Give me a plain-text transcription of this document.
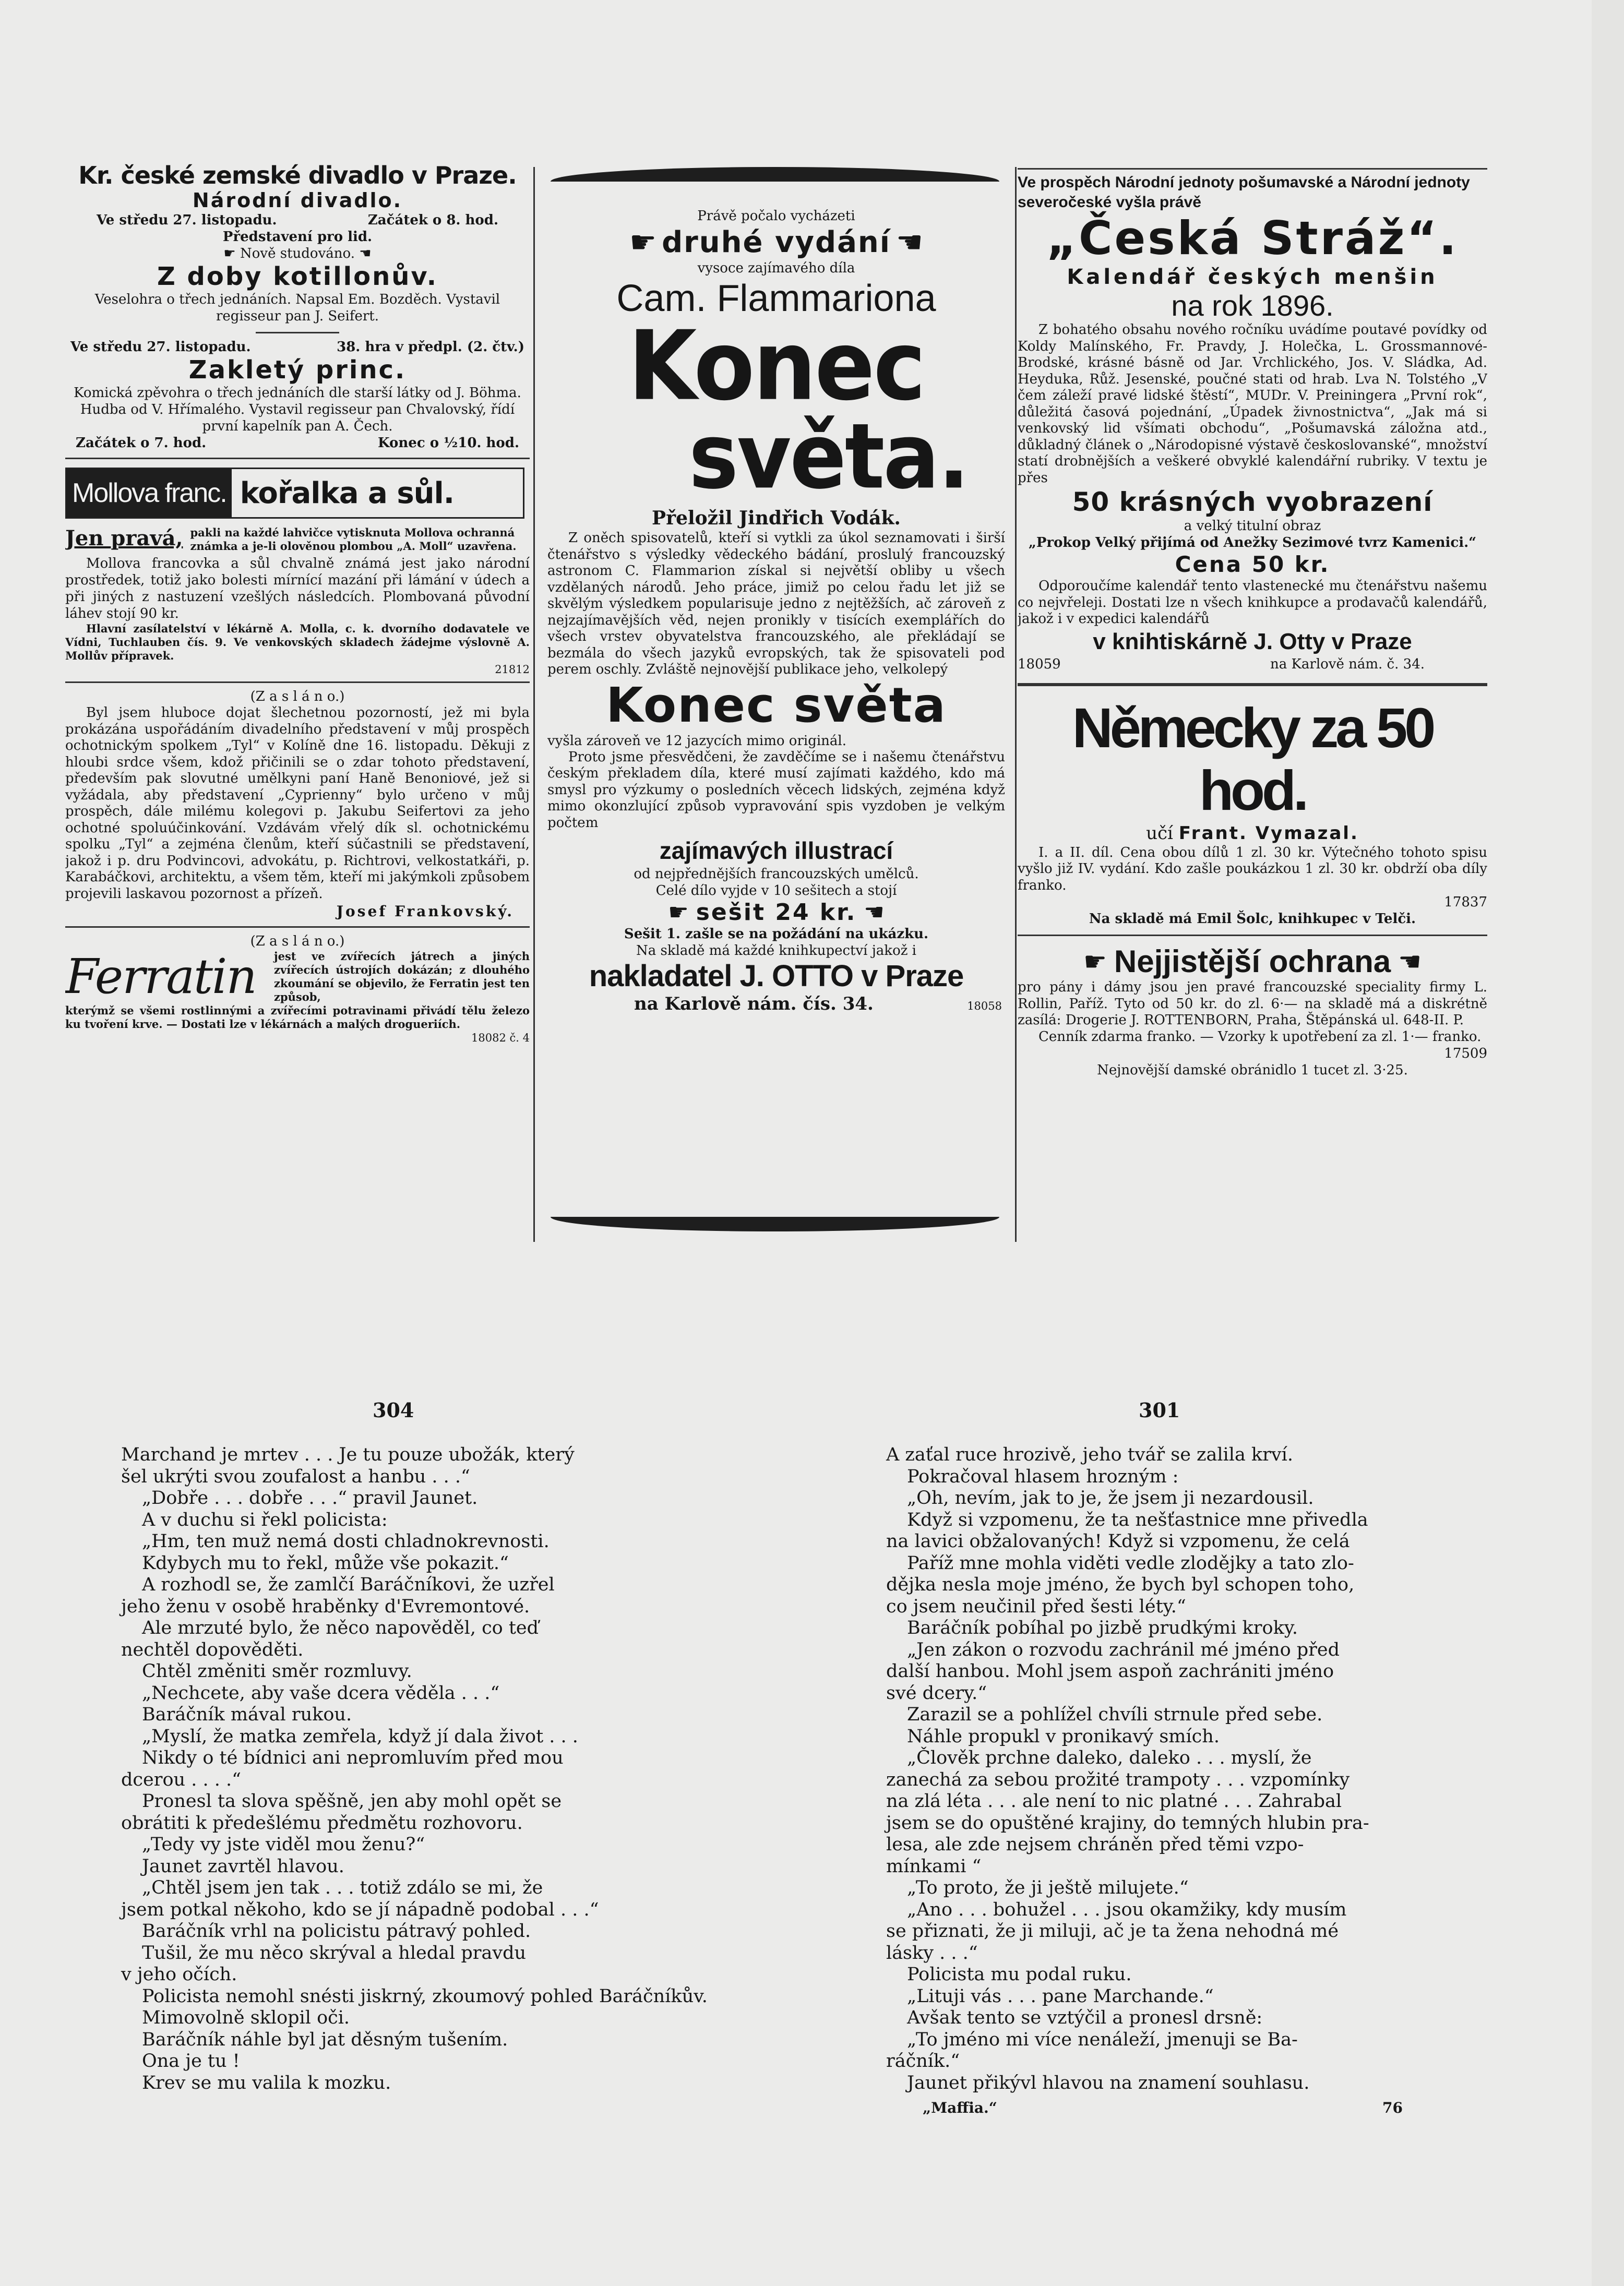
Kr. české zemské divadlo v Praze.
Národní divadlo.
Ve středu 27. listopadu.	Začátek o 8. hod.
Představení pro lid.
☛ Nově studováno. ☚
Z doby kotillonův.
Veselohra o třech jednáních. Napsal Em. Bozděch. Vystavil regisseur pan J. Seifert.
Ve středu 27. listopadu.	38. hra v předpl. (2. čtv.)
Zakletý princ.
Komická zpěvohra o třech jednáních dle starší látky od J. Böhma. Hudba od V. Hřímalého. Vystavil regisseur pan Chvalovský, řídí první kapelník pan A. Čech.
Začátek o 7. hod.	Konec o ½10. hod.
Mollova franc. kořalka a sůl.
Jen pravá, pakli na každé lahvičce vytisknuta Mollova ochranná známka a je-li olověnou plombou „A. Moll“ uzavřena.

Mollova francovka a sůl chvalně známá jest jako národní prostředek, totiž jako bolesti mírnící mazání při lámání v údech a při jiných z nastuzení vzešlých následcích. Plombovaná původní láhev stojí 90 kr.

Hlavní zasílatelství v lékárně A. Molla, c. k. dvorního dodavatele ve Vídni, Tuchlauben čís. 9. Ve venkovských skladech žádejme výslovně A. Mollův přípravek.

21812
(Z a s l á n o.)

Byl jsem hluboce dojat šlechetnou pozorností, jež mi byla prokázána uspořádáním divadelního představení v můj prospěch ochotnickým spolkem „Tyl“ v Kolíně dne 16. listopadu. Děkuji z hloubi srdce všem, kdož přičinili se o zdar tohoto představení, především pak slovutné umělkyni paní Haně Benoniové, jež si vyžádala, aby představení „Cyprienny“ bylo určeno v můj prospěch, dále milému kolegovi p. Jakubu Seifertovi za jeho ochotné spoluúčinkování. Vzdávám vřelý dík sl. ochotnickému spolku „Tyl“ a zejména členům, kteří súčastnili se představení, jakož i p. dru Podvincovi, advokátu, p. Richtrovi, velkostatkáři, p. Karabáčkovi, architektu, a všem těm, kteří mi jakýmkoli způsobem projevili laskavou pozornost a přízeň.

Josef Frankovský.
(Z a s l á n o.)
Ferratin	jest ve zvířecích játrech a jiných zvířecích ústrojích dokázán; z dlouhého zkoumání se objevilo, že Ferratin jest ten způsob,

kterýmž se všemi rostlinnými a zvířecími potravinami přivádí tělu železo ku tvoření krve. — Dostati lze v lékárnách a malých drogueriích.

18082 č. 4
Právě počalo vycházeti
☛ druhé vydání ☚
vysoce zajímavého díla
Cam. Flammariona
Konec
světa.
Přeložil Jindřich Vodák.

Z oněch spisovatelů, kteří si vytkli za úkol seznamovati i širší čtenářstvo s výsledky vědeckého bádání, proslulý francouzský astronom C. Flammarion získal si největší obliby u všech vzdělaných národů. Jeho práce, jimiž po celou řadu let již se skvělým výsledkem popularisuje jedno z nejtěžších, ač zároveň z nejzajímavějších věd, nejen pronikly v tisících exemplářích do všech vrstev obyvatelstva francouzského, ale překládají se bezmála do všech jazyků evropských, tak že spisovateli pod perem oschly. Zvláště nejnovější publikace jeho, velkolepý

Konec světa

vyšla zároveň ve 12 jazycích mimo originál.

Proto jsme přesvědčeni, že zavděčíme se i našemu čtenářstvu českým překladem díla, které musí zajímati každého, kdo má smysl pro výzkumy o posledních věcech lidských, zejména když mimo okonzlující způsob vypravování spis vyzdoben je velkým počtem

zajímavých illustrací
od nejpřednějších francouzských umělců.
Celé dílo vyjde v 10 sešitech a stojí
☛ sešit 24 kr. ☚
Sešit 1. zašle se na požádání na ukázku.
Na skladě má každé knihkupectví jakož i
nakladatel J. OTTO v Praze
na Karlově nám. čís. 34.	18058
Ve prospěch Národní jednoty pošumavské a Národní jednoty severočeské vyšla právě
„Česká Stráž“.
Kalendář českých menšin
na rok 1896.

Z bohatého obsahu nového ročníku uvádíme poutavé povídky od Koldy Malínského, Fr. Pravdy, J. Holečka, L. Grossmannové-Brodské, krásné básně od Jar. Vrchlického, Jos. V. Sládka, Ad. Heyduka, Růž. Jesenské, poučné stati od hrab. Lva N. Tolstého „V čem záleží pravé lidské štěstí“, MUDr. V. Preiningera „První rok“, důležitá časová pojednání, „Úpadek živnostnictva“, „Jak má si venkovský lid všímati obchodu“, „Pošumavská záložna atd., důkladný článek o „Národopisné výstavě českoslovanské“, množství statí drobnějších a veškeré obvyklé kalendářní rubriky. V textu je přes

50 krásných vyobrazení
a velký titulní obraz
„Prokop Velký přijímá od Anežky Sezimové tvrz Kamenici.“
Cena 50 kr.

Odporoučíme kalendář tento vlastenecké mu čtenářstvu našemu co nejvřeleji. Dostati lze n všech knihkupce a prodavačů kalendářů, jakož i v expedici kalendářů

v knihtiskárně J. Otty v Praze
18059	na Karlově nám. č. 34.
Německy za 50 hod.
učí Frant. Vymazal.

I. a II. díl. Cena obou dílů 1 zl. 30 kr. Výtečného tohoto spisu vyšlo již IV. vydání. Kdo zašle poukázkou 1 zl. 30 kr. obdrží oba díly franko.

17837
Na skladě má Emil Šolc, knihkupec v Telči.
☛ Nejjistější ochrana ☚

pro pány i dámy jsou jen pravé francouzské speciality firmy L. Rollin, Paříž. Tyto od 50 kr. do zl. 6·— na skladě má a diskrétně zasílá: Drogerie J. ROTTENBORN, Praha, Štěpánská ul. 648-II. P.

Cenník zdarma franko. — Vzorky k upotřebení za zl. 1·— franko.

17509
Nejnovější damské obránidlo 1 tucet zl. 3·25.
304	301

Marchand je mrtev . . . Je tu pouze ubožák, který

šel ukrýti svou zoufalost a hanbu . . .“

„Dobře . . . dobře . . .“ pravil Jaunet.

A v duchu si řekl policista:

„Hm, ten muž nemá dosti chladnokrevnosti.

Kdybych mu to řekl, může vše pokazit.“

A rozhodl se, že zamlčí Baráčníkovi, že uzřel

jeho ženu v osobě hraběnky d'Evremontové.

Ale mrzuté bylo, že něco napověděl, co teď

nechtěl dopověděti.

Chtěl změniti směr rozmluvy.

„Nechcete, aby vaše dcera věděla . . .“

Baráčník mával rukou.

„Myslí, že matka zemřela, když jí dala život . . .

Nikdy o té bídnici ani nepromluvím před mou

dcerou . . . .“

Pronesl ta slova spěšně, jen aby mohl opět se

obrátiti k předešlému předmětu rozhovoru.

„Tedy vy jste viděl mou ženu?“

Jaunet zavrtěl hlavou.

„Chtěl jsem jen tak . . . totiž zdálo se mi, že

jsem potkal někoho, kdo se jí nápadně podobal . . .“

Baráčník vrhl na policistu pátravý pohled.

Tušil, že mu něco skrýval a hledal pravdu

v jeho očích.

Policista nemohl snésti jiskrný, zkoumový pohled Baráčníkův.

Mimovolně sklopil oči.

Baráčník náhle byl jat děsným tušením.

Ona je tu !

Krev se mu valila k mozku.

A zaťal ruce hrozivě, jeho tvář se zalila krví.

Pokračoval hlasem hrozným :

„Oh, nevím, jak to je, že jsem ji nezardousil.

Když si vzpomenu, že ta nešťastnice mne přivedla

na lavici obžalovaných! Když si vzpomenu, že celá

Paříž mne mohla viděti vedle zlodějky a tato zlo-

dějka nesla moje jméno, že bych byl schopen toho,

co jsem neučinil před šesti léty.“

Baráčník pobíhal po jizbě prudkými kroky.

„Jen zákon o rozvodu zachránil mé jméno před

další hanbou. Mohl jsem aspoň zachrániti jméno

své dcery.“

Zarazil se a pohlížel chvíli strnule před sebe.

Náhle propukl v pronikavý smích.

„Člověk prchne daleko, daleko . . . myslí, že

zanechá za sebou prožité trampoty . . . vzpomínky

na zlá léta . . . ale není to nic platné . . . Zahrabal

jsem se do opuštěné krajiny, do temných hlubin pra-

lesa, ale zde nejsem chráněn před těmi vzpo-

mínkami “

„To proto, že ji ještě milujete.“

„Ano . . . bohužel . . . jsou okamžiky, kdy musím

se přiznati, že ji miluji, ač je ta žena nehodná mé

lásky . . .“

Policista mu podal ruku.

„Lituji vás . . . pane Marchande.“

Avšak tento se vztýčil a pronesl drsně:

„To jméno mi více nenáleží, jmenuji se Ba-

ráčník.“

Jaunet přikývl hlavou na znamení souhlasu.

„Maffia.“	76
